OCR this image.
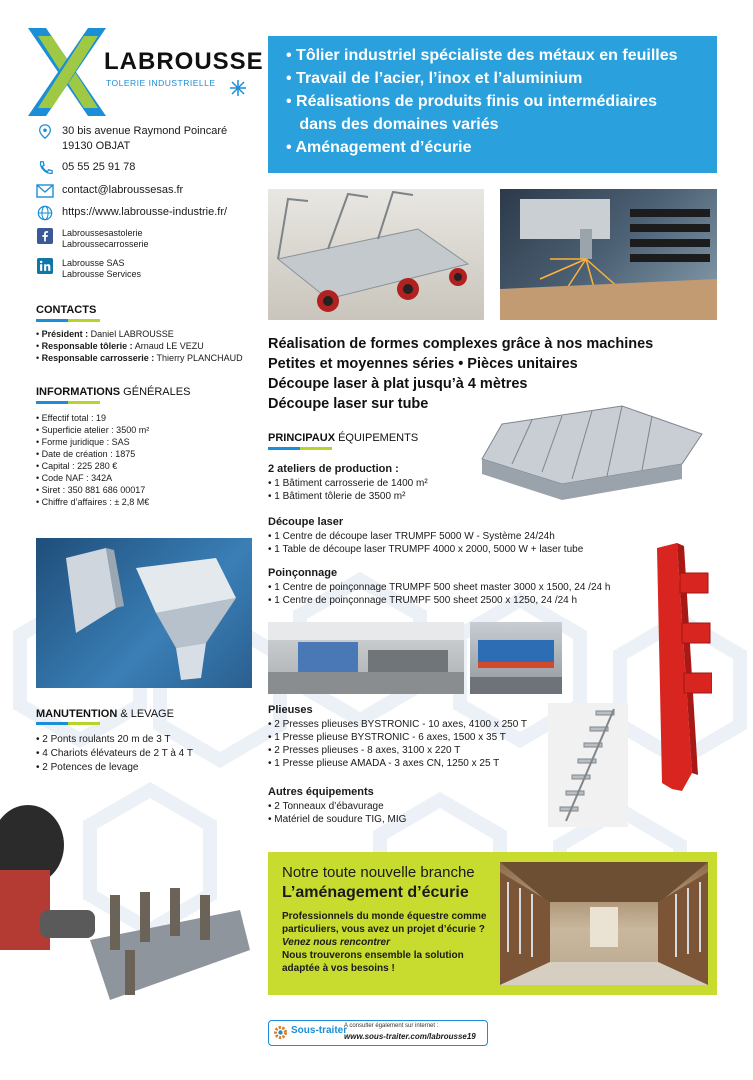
LABROUSSE
TOLERIE INDUSTRIELLE
30 bis avenue Raymond Poincaré
19130 OBJAT
05 55 25 91 78
contact@labroussesas.fr
https://www.labrousse-industrie.fr/
Labroussesastolerie
Labroussecarrosserie
Labrousse SAS
Labrousse Services
CONTACTS
• Président : Daniel LABROUSSE
• Responsable tôlerie : Arnaud LE VEZU
• Responsable carrosserie : Thierry PLANCHAUD
INFORMATIONS GÉNÉRALES
• Effectif total : 19
• Superficie atelier : 3500 m²
• Forme juridique : SAS
• Date de création : 1875
• Capital : 225 280 €
• Code NAF : 342A
• Siret : 350 881 686 00017
• Chiffre d’affaires : ± 2,8 M€
MANUTENTION & LEVAGE
• 2 Ponts roulants 20 m de 3 T
• 4 Chariots élévateurs de 2 T à 4 T
• 2 Potences de levage
• Tôlier industriel spécialiste des métaux en feuilles
• Travail de l’acier, l’inox et l’aluminium
• Réalisations de produits finis ou intermédiaires
dans des domaines variés
• Aménagement d’écurie
Réalisation de formes complexes grâce à nos machines
Petites et moyennes séries • Pièces unitaires
Découpe laser à plat jusqu’à 4 mètres
Découpe laser sur tube
PRINCIPAUX ÉQUIPEMENTS
2 ateliers de production :
• 1 Bâtiment carrosserie de 1400 m²
• 1 Bâtiment tôlerie de 3500 m²
Découpe laser
• 1 Centre de découpe laser TRUMPF 5000 W - Système 24/24h
• 1 Table de découpe laser TRUMPF 4000 x 2000, 5000 W + laser tube
Poinçonnage
• 1 Centre de poinçonnage TRUMPF 500 sheet master 3000 x 1500, 24 /24 h
• 1 Centre de poinçonnage TRUMPF 500 sheet 2500 x 1250, 24 /24 h
Plieuses
• 2 Presses plieuses BYSTRONIC - 10 axes, 4100 x 250 T
• 1 Presse plieuse BYSTRONIC - 6 axes, 1500 x 35 T
• 2 Presses plieuses - 8 axes, 3100 x 220 T
• 1 Presse plieuse AMADA - 3 axes CN, 1250 x 25 T
Autres équipements
• 2 Tonneaux d’ébavurage
• Matériel de soudure TIG, MIG
Notre toute nouvelle branche
L’aménagement d’écurie
Professionnels du monde équestre comme particuliers, vous avez un projet d’écurie ? Venez nous rencontrer
Nous trouverons ensemble la solution adaptée à vos besoins !
Sous-traiter
A consulter également sur internet :
www.sous-traiter.com/labrousse19
